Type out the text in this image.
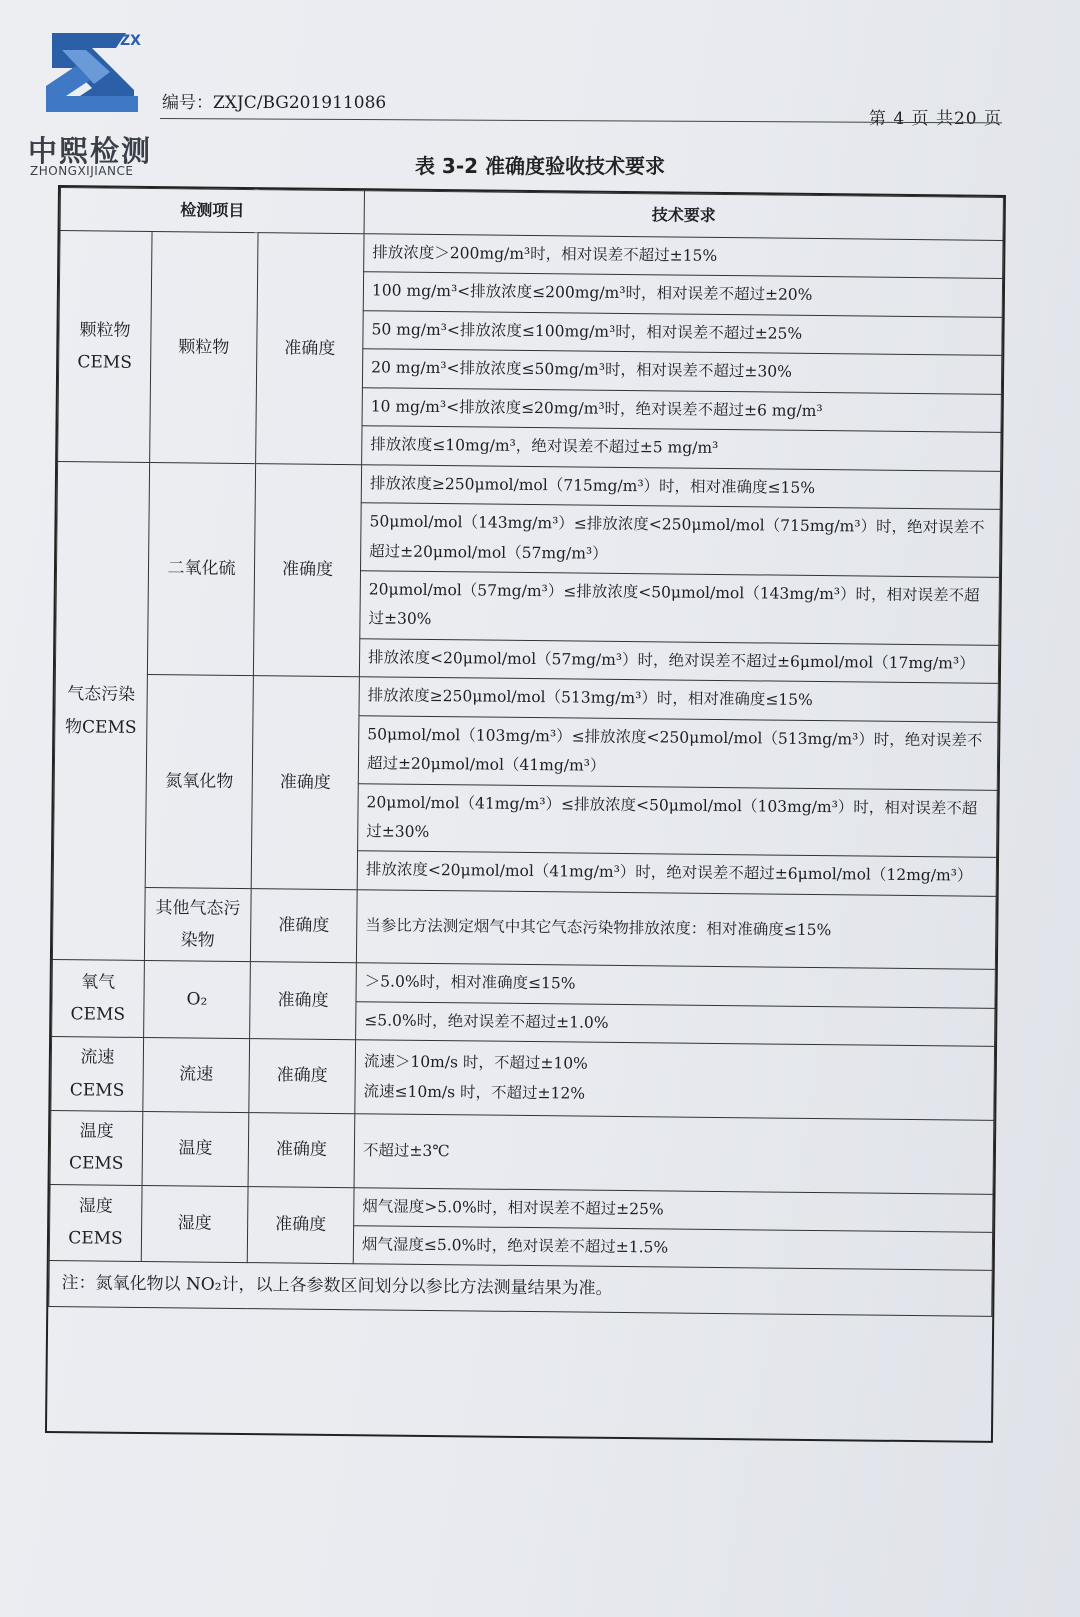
ZX
中熙检测
ZHONGXIJIANCE
编号：ZXJC/BG201911086
第 4 页 共20 页
表 3-2 准确度验收技术要求
检测项目			技术要求
颗粒物CEMS	颗粒物	准确度	排放浓度＞200mg/m³时，相对误差不超过±15%
			100 mg/m³<排放浓度≤200mg/m³时，相对误差不超过±20%
			50 mg/m³<排放浓度≤100mg/m³时，相对误差不超过±25%
			20 mg/m³<排放浓度≤50mg/m³时，相对误差不超过±30%
			10 mg/m³<排放浓度≤20mg/m³时，绝对误差不超过±6 mg/m³
			排放浓度≤10mg/m³，绝对误差不超过±5 mg/m³
气态污染物CEMS	二氧化硫	准确度	排放浓度≥250μmol/mol（715mg/m³）时，相对准确度≤15%
			50μmol/mol（143mg/m³）≤排放浓度<250μmol/mol（715mg/m³）时，绝对误差不超过±20μmol/mol（57mg/m³）
			20μmol/mol（57mg/m³）≤排放浓度<50μmol/mol（143mg/m³）时，相对误差不超过±30%
			排放浓度<20μmol/mol（57mg/m³）时，绝对误差不超过±6μmol/mol（17mg/m³）
	氮氧化物	准确度	排放浓度≥250μmol/mol（513mg/m³）时，相对准确度≤15%
			50μmol/mol（103mg/m³）≤排放浓度<250μmol/mol（513mg/m³）时，绝对误差不超过±20μmol/mol（41mg/m³）
			20μmol/mol（41mg/m³）≤排放浓度<50μmol/mol（103mg/m³）时，相对误差不超过±30%
			排放浓度<20μmol/mol（41mg/m³）时，绝对误差不超过±6μmol/mol（12mg/m³）
	其他气态污染物	准确度	当参比方法测定烟气中其它气态污染物排放浓度：相对准确度≤15%
氧气CEMS	O₂	准确度	＞5.0%时，相对准确度≤15%
			≤5.0%时，绝对误差不超过±1.0%
流速CEMS	流速	准确度	流速＞10m/s 时，不超过±10%
流速≤10m/s 时，不超过±12%

温度CEMS	温度	准确度	不超过±3℃
湿度CEMS	湿度	准确度	烟气湿度>5.0%时，相对误差不超过±25%
			烟气湿度≤5.0%时，绝对误差不超过±1.5%
注：氮氧化物以 NO₂计，以上各参数区间划分以参比方法测量结果为准。			
